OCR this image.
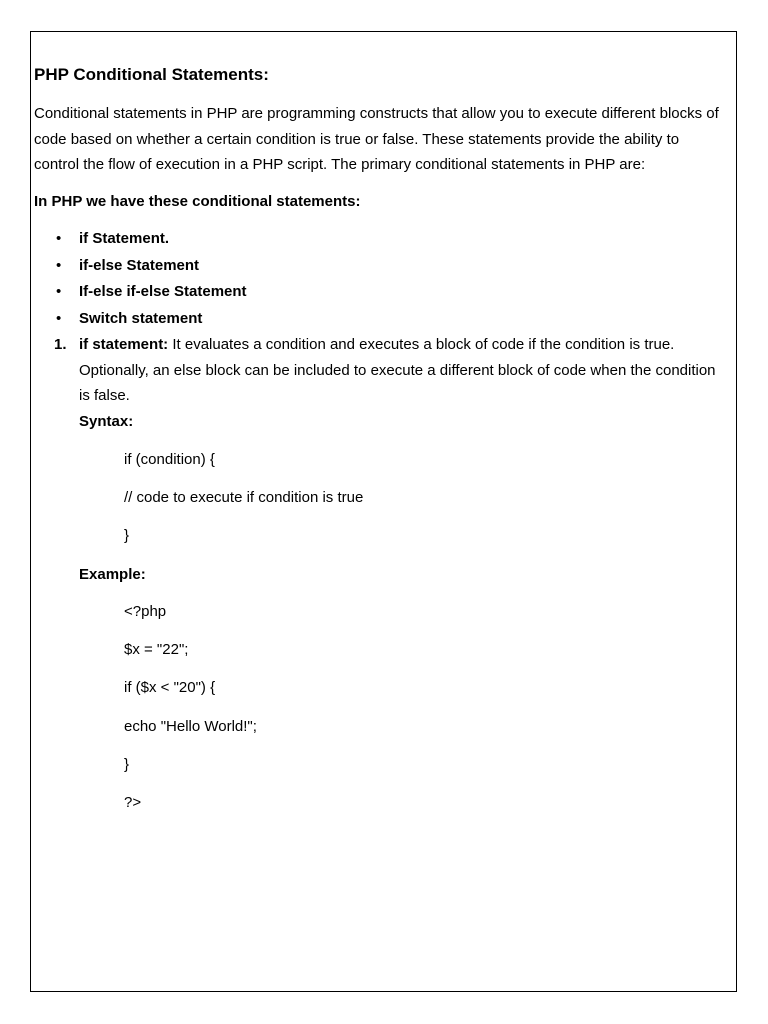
PHP Conditional Statements:
Conditional statements in PHP are programming constructs that allow you to execute different blocks of code based on whether a certain condition is true or false. These statements provide the ability to control the flow of execution in a PHP script. The primary conditional statements in PHP are:
In PHP we have these conditional statements:
• if Statement.
• if-else Statement
• If-else if-else Statement
• Switch statement
1. if statement: It evaluates a condition and executes a block of code if the condition is true. Optionally, an else block can be included to execute a different block of code when the condition is false.
Syntax:
if (condition) {
// code to execute if condition is true
}
Example:
<?php
$x = "22";
if ($x < "20") {
echo "Hello World!";
}
?>
